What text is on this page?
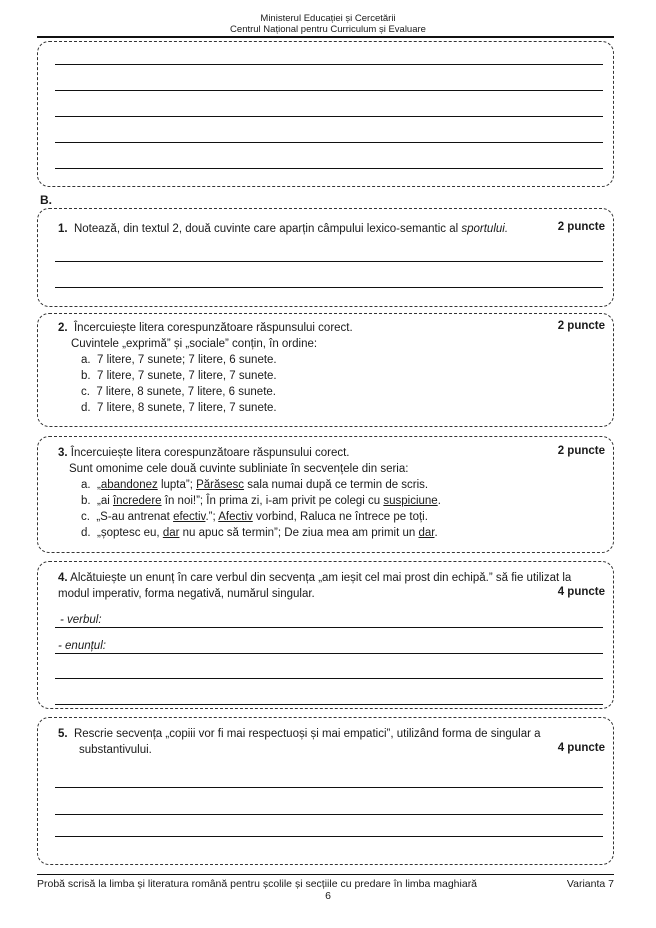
Ministerul Educației și Cercetării
Centrul Național pentru Curriculum și Evaluare
B.
1. Notează, din textul 2, două cuvinte care aparțin câmpului lexico-semantic al sportului.	2 puncte
2. Încercuiește litera corespunzătoare răspunsului corect.	2 puncte
Cuvintele „exprimă” și „sociale” conțin, în ordine:
a. 7 litere, 7 sunete; 7 litere, 6 sunete.
b. 7 litere, 7 sunete, 7 litere, 7 sunete.
c. 7 litere, 8 sunete, 7 litere, 6 sunete.
d. 7 litere, 8 sunete, 7 litere, 7 sunete.
3. Încercuiește litera corespunzătoare răspunsului corect.	2 puncte
Sunt omonime cele două cuvinte subliniate în secvențele din seria:
a. „abandonez lupta”; Părăsesc sala numai după ce termin de scris.
b. „ai încredere în noi!”; În prima zi, i-am privit pe colegi cu suspiciune.
c. „S-au antrenat efectiv.”; Afectiv vorbind, Raluca ne întrece pe toți.
d. „șoptesc eu, dar nu apuc să termin”; De ziua mea am primit un dar.
4. Alcătuiește un enunț în care verbul din secvența „am ieșit cel mai prost din echipă.” să fie utilizat la
modul imperativ, forma negativă, numărul singular.	4 puncte
- verbul:
- enunțul:
5. Rescrie secvența „copiii vor fi mai respectuoși și mai empatici”, utilizând forma de singular a
substantivului.	4 puncte
Probă scrisă la limba și literatura română pentru școlile și secțiile cu predare în limba maghiară	Varianta 7
6
